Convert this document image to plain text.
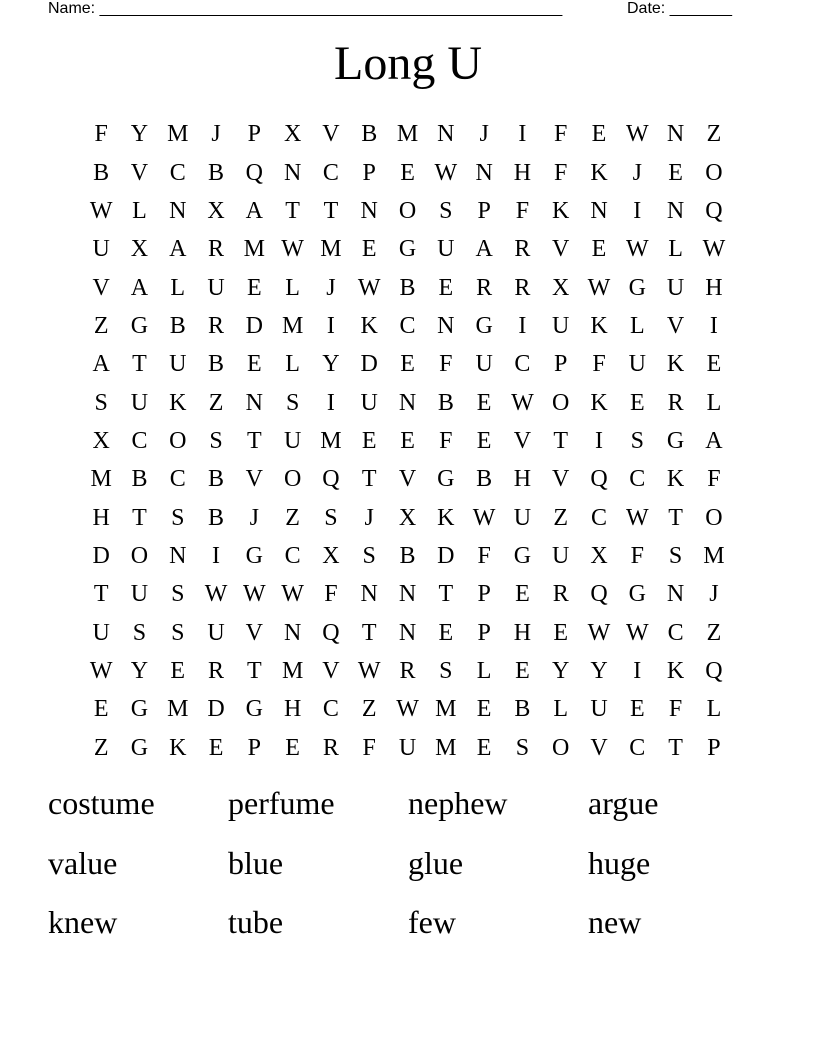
Name: ____________________________________________________	Date: _______
Long U
F Y M J	P X V B M N	J	I	F	E W N Z
B V C B Q N C P	E W N H F K	J	E O
W L N X A T T N O S	P	F K N	I	N Q
U X A R M W M E G U A R V E W L W
V A L U E L	J W B E R R X W G U H
Z G B R D M I	K C N G	I	U K L V	I
A T U B E L Y D E	F U C P	F U K E
S U K Z N S	I	U N B E W O K E R L
X C O S	T U M E E	F	E V T	I	S G A
M B C B V O Q T V G B H V Q C K F
H T	S B	J	Z	S	J	X K W U Z C W T O
D O N	I	G C X S B D F G U X F	S M
T U S W W W F N N T	P	E R Q G N	J
U S	S U V N Q T N E	P H E W W C Z
W Y E R T M V W R S	L E Y Y	I	K Q
E G M D G H C Z W M E B L U E	F	L
Z G K E	P	E R F U M E	S O V C T	P
costume	perfume	nephew	argue
value	blue	glue	huge
knew	tube	few	new
